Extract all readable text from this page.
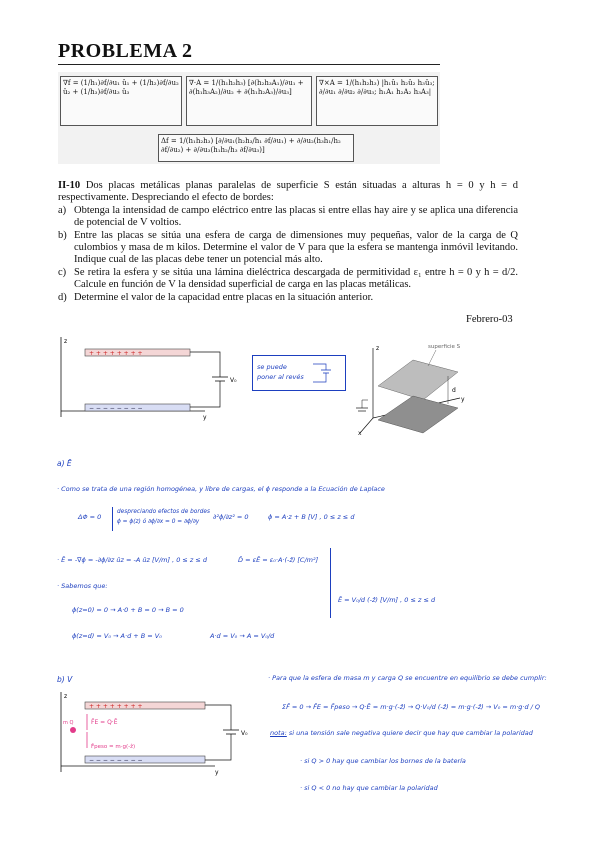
PROBLEMA 2
∇f = (1/h₁)∂f/∂u₁ û₁ + (1/h₂)∂f/∂u₂ û₂ + (1/h₃)∂f/∂u₃ û₃
∇·A = 1/(h₁h₂h₃) [∂(h₂h₃A₁)/∂u₁ + ∂(h₁h₃A₂)/∂u₂ + ∂(h₁h₂A₃)/∂u₃]
∇×A = 1/(h₁h₂h₃) |h₁û₁ h₂û₂ h₃û₃; ∂/∂u₁ ∂/∂u₂ ∂/∂u₃; h₁A₁ h₂A₂ h₃A₃|
Δf = 1/(h₁h₂h₃) [∂/∂u₁(h₂h₃/h₁ ∂f/∂u₁) + ∂/∂u₂(h₃h₁/h₂ ∂f/∂u₂) + ∂/∂u₃(h₁h₂/h₃ ∂f/∂u₃)]
II-10 Dos placas metálicas planas paralelas de superficie S están situadas a alturas h = 0 y h = d respectivamente. Despreciando el efecto de bordes:
a) Obtenga la intensidad de campo eléctrico entre las placas si entre ellas hay aire y se aplica una diferencia de potencial de V voltios.
b) Entre las placas se sitúa una esfera de carga de dimensiones muy pequeñas, valor de la carga de Q culombios y masa de m kilos. Determine el valor de V para que la esfera se mantenga inmóvil levitando. Indique cual de las placas debe tener un potencial más alto.
c) Se retira la esfera y se sitúa una lámina dieléctrica descargada de permitividad ε₁ entre h = 0 y h = d/2. Calcule en función de V la densidad superficial de carga en las placas metálicas.
d) Determine el valor de la capacidad entre placas en la situación anterior.
Febrero-03
z
y
+ + + + + + + +
− − − − − − − −
V₀
se puede poner al revés
z
y
x
d
superficie S
a) Ē
· Como se trata de una región homogénea, y libre de cargas, el ϕ responde a la Ecuación de Laplace
ΔΦ = 0
despreciando efectos de bordes
ϕ = ϕ(z) ó ∂ϕ/∂x = 0 = ∂ϕ/∂y
∂²ϕ/∂z² = 0	ϕ = A·z + B [V] , 0 ≤ z ≤ d
· Ē = -∇ϕ = -∂ϕ/∂z ûz = -A ûz [V/m] , 0 ≤ z ≤ d	D̄ = εĒ = ε₀·A·(-ẑ) [C/m²]
· Sabemos que:
ϕ(z=0) = 0 → A·0 + B = 0 → B = 0
ϕ(z=d) = V₀ → A·d + B = V₀	A·d = V₀ → A = V₀/d
Ē = V₀/d (-ẑ) [V/m] , 0 ≤ z ≤ d
b) V
z
y
+ + + + + + + +
− − − − − − − −
m Q	F̄E = Q·Ē
F̄peso = m·g(-ẑ)
V₀
· Para que la esfera de masa m y carga Q se encuentre en equilibrio se debe cumplir:
ΣF̄ = 0 → F̄E = F̄peso → Q·Ē = m·g·(-ẑ) → Q·V₀/d (-ẑ) = m·g·(-ẑ) → V₀ = m·g·d / Q
nota: si una tensión sale negativa quiere decir que hay que cambiar la polaridad
· si Q > 0 hay que cambiar los bornes de la batería
· si Q < 0 no hay que cambiar la polaridad
